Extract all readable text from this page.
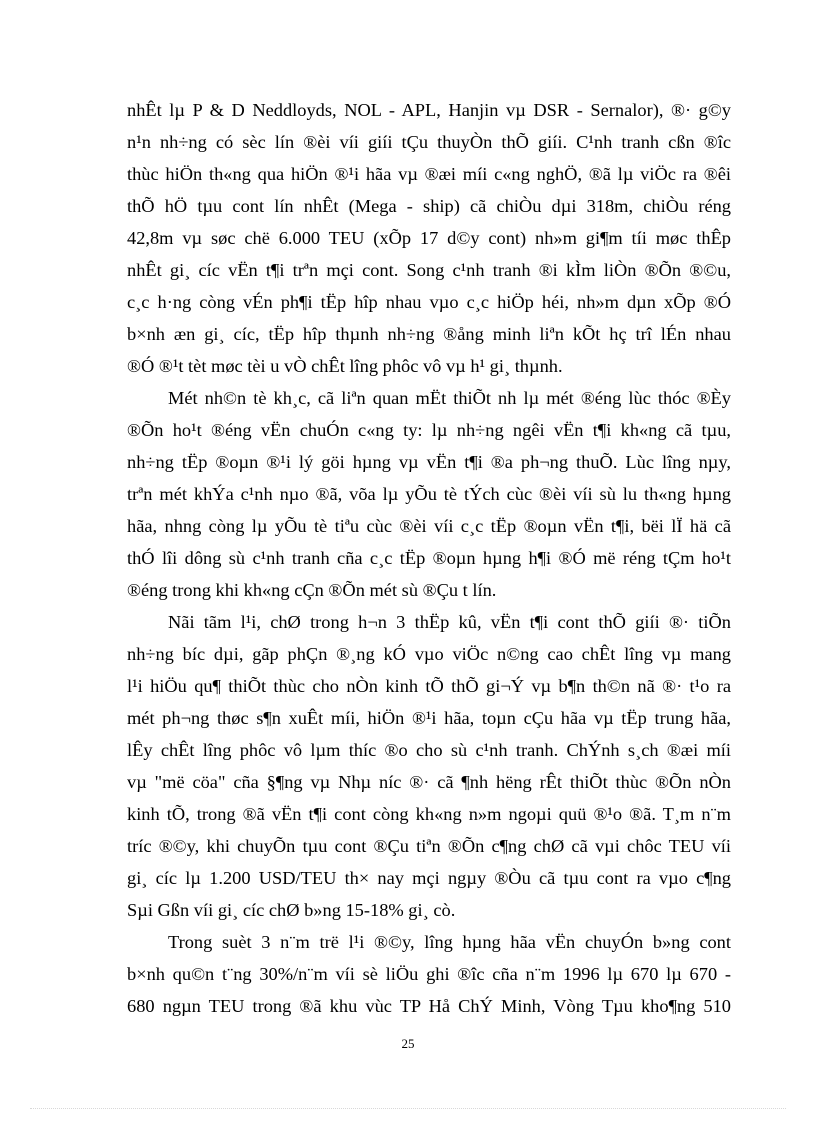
nhÊt lµ P & D Neddloyds, NOL - APL, Hanjin vµ DSR - Sernalor), ®· g©y
n¹n nh÷ng có sèc lín ®èi víi giíi tÇu thuyÒn thÕ giíi. C¹nh tranh cßn ®îc
thùc hiÖn th«ng qua hiÖn ®¹i hãa vµ ®æi míi c«ng nghÖ, ®ã lµ viÖc ra ®êi
thÕ hÖ tµu cont lín nhÊt (Mega - ship) cã chiÒu dµi 318m, chiÒu réng
42,8m vµ søc chë 6.000 TEU (xÕp 17 d©y cont) nh»m gi¶m tíi møc thÊp
nhÊt gi¸ cíc vËn t¶i trªn mçi cont. Song c¹nh tranh ®i kÌm liÒn ®Õn ®©u,
c¸c h·ng còng vÉn ph¶i tËp hîp nhau vµo c¸c hiÖp héi, nh»m dµn xÕp ®Ó
b×nh æn gi¸ cíc, tËp hîp thµnh nh÷ng ®ång minh liªn kÕt hç trî lÉn nhau
®Ó ®¹t tèt møc tèi u vÒ chÊt lîng phôc vô vµ h¹ gi¸ thµnh.
Mét nh©n tè kh¸c, cã liªn quan mËt thiÕt nh lµ mét ®éng lùc thóc ®Èy
®Õn ho¹t ®éng vËn chuÓn c«ng ty: lµ nh÷ng ngêi vËn t¶i kh«ng cã tµu,
nh÷ng tËp ®oµn ®¹i lý göi hµng vµ vËn t¶i ®a ph¬ng thuÕ. Lùc lîng nµy,
trªn mét khÝa c¹nh nµo ®ã, võa lµ yÕu tè tÝch cùc ®èi víi sù lu th«ng hµng
hãa, nhng còng lµ yÕu tè tiªu cùc ®èi víi c¸c tËp ®oµn vËn t¶i, bëi lÏ hä cã
thÓ lîi dông sù c¹nh tranh cña c¸c tËp ®oµn hµng h¶i ®Ó më réng tÇm ho¹t
®éng trong khi kh«ng cÇn ®Õn mét sù ®Çu t lín.
Nãi tãm l¹i, chØ trong h¬n 3 thËp kû, vËn t¶i cont thÕ giíi ®· tiÕn
nh÷ng bíc dµi, gãp phÇn ®¸ng kÓ vµo viÖc n©ng cao chÊt lîng vµ mang
l¹i hiÖu qu¶ thiÕt thùc cho nÒn kinh tÕ thÕ gi¬Ý vµ b¶n th©n nã ®· t¹o ra
mét ph¬ng thøc s¶n xuÊt míi, hiÖn ®¹i hãa, toµn cÇu hãa vµ tËp trung hãa,
lÊy chÊt lîng phôc vô lµm thíc ®o cho sù c¹nh tranh. ChÝnh s¸ch ®æi míi
vµ "më cöa" cña §¶ng vµ Nhµ níc ®· cã ¶nh hëng rÊt thiÕt thùc ®Õn nÒn
kinh tÕ, trong ®ã vËn t¶i cont còng kh«ng n»m ngoµi quü ®¹o ®ã. T¸m n¨m
tríc ®©y, khi chuyÕn tµu cont ®Çu tiªn ®Õn c¶ng chØ cã vµi chôc TEU víi
gi¸ cíc lµ 1.200 USD/TEU th× nay mçi ngµy ®Òu cã tµu cont ra vµo c¶ng
Sµi Gßn víi gi¸ cíc chØ b»ng 15-18% gi¸ cò.
Trong suèt 3 n¨m trë l¹i ®©y, lîng hµng hãa vËn chuyÓn b»ng cont
b×nh qu©n t¨ng 30%/n¨m víi sè liÖu ghi ®îc cña n¨m 1996 lµ 670 lµ 670 -
680 ngµn TEU trong ®ã khu vùc TP Hå ChÝ Minh, Vòng Tµu kho¶ng 510
25
